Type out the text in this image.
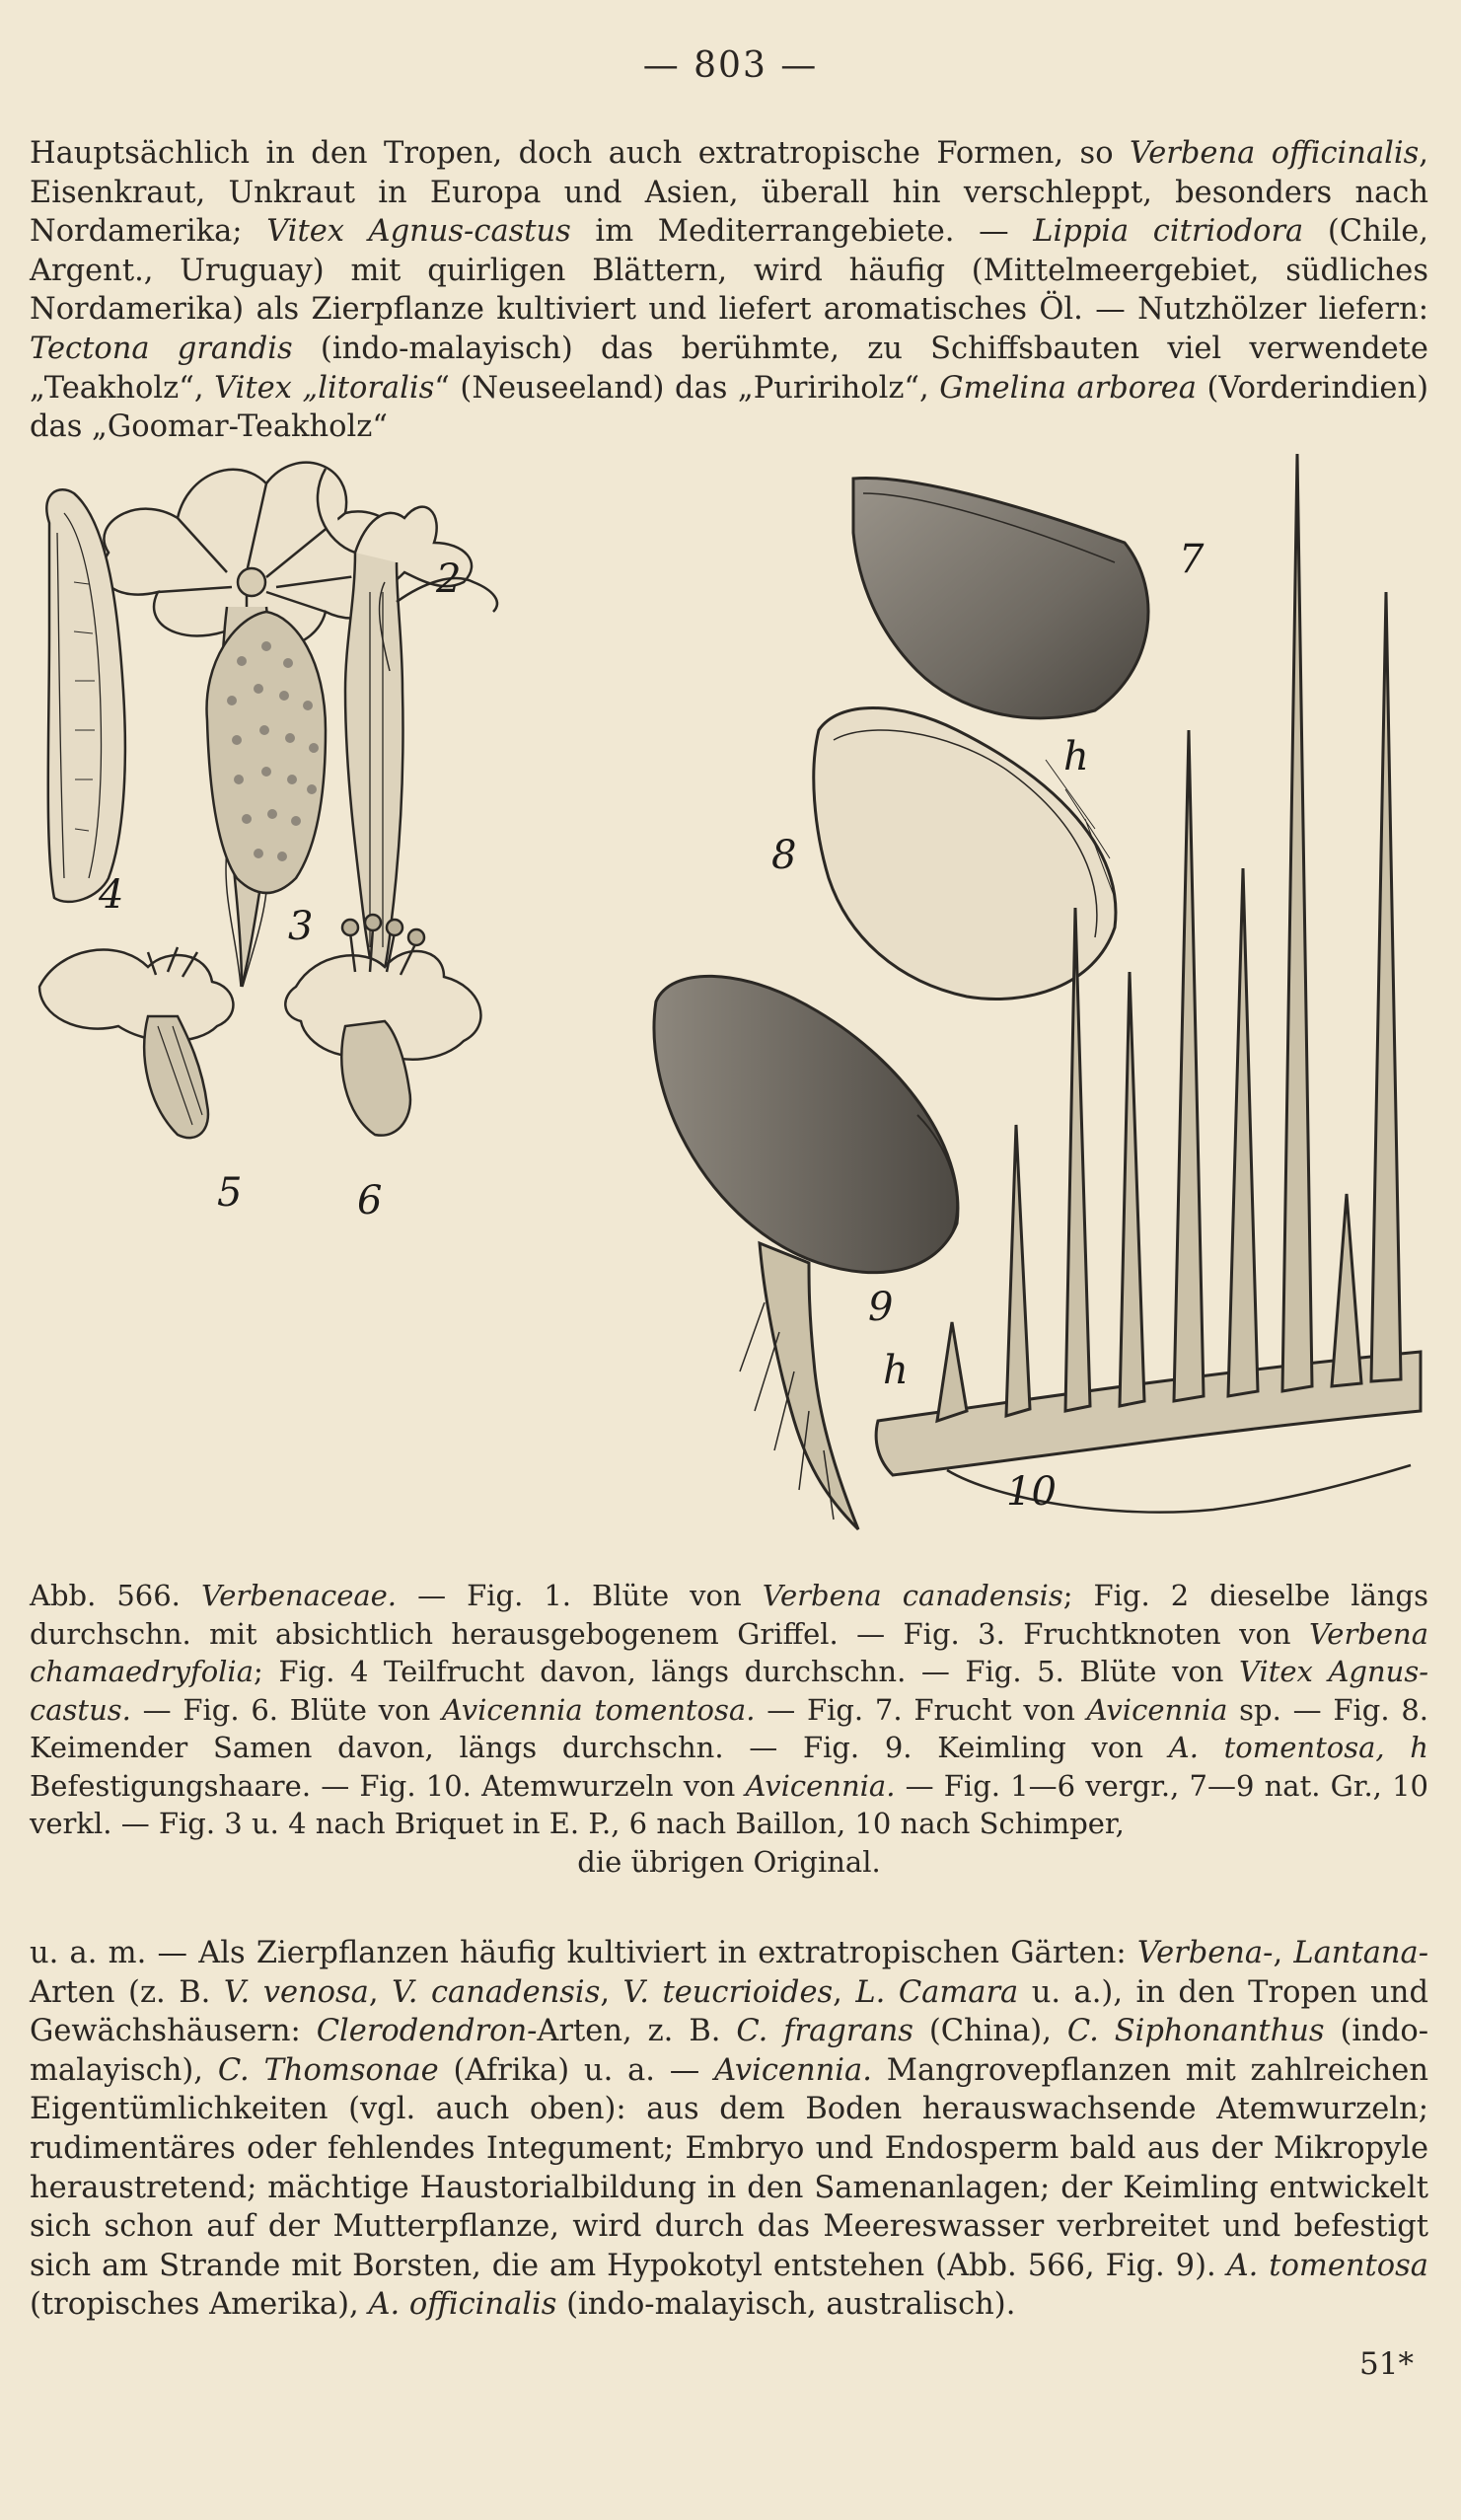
— 803 —
Hauptsächlich in den Tropen, doch auch extratropische Formen, so Verbena officinalis, Eisenkraut, Unkraut in Europa und Asien, überall hin verschleppt, besonders nach Nordamerika; Vitex Agnus-castus im Mediterrangebiete. — Lippia citriodora (Chile, Argent., Uruguay) mit quirligen Blättern, wird häufig (Mittelmeergebiet, südliches Nordamerika) als Zierpflanze kultiviert und liefert aromatisches Öl. — Nutzhölzer liefern: Tectona grandis (indo-malayisch) das berühmte, zu Schiffsbauten viel verwendete „Teakholz“, Vitex „litoralis“ (Neuseeland) das „Puririholz“, Gmelina arborea (Vorderindien) das „Goomar-Teakholz“
2
3
4
5	6
7
8
h
9
h
10
Abb. 566. Verbenaceae. — Fig. 1. Blüte von Verbena canadensis; Fig. 2 dieselbe längs durchschn. mit absichtlich herausgebogenem Griffel. — Fig. 3. Fruchtknoten von Verbena chamaedryfolia; Fig. 4 Teilfrucht davon, längs durchschn. — Fig. 5. Blüte von Vitex Agnus-castus. — Fig. 6. Blüte von Avicennia tomentosa. — Fig. 7. Frucht von Avicennia sp. — Fig. 8. Keimender Samen davon, längs durchschn. — Fig. 9. Keimling von A. tomentosa, h Befestigungshaare. — Fig. 10. Atemwurzeln von Avicennia. — Fig. 1—6 vergr., 7—9 nat. Gr., 10 verkl. — Fig. 3 u. 4 nach Briquet in E. P., 6 nach Baillon, 10 nach Schimper,
die übrigen Original.
u. a. m. — Als Zierpflanzen häufig kultiviert in extratropischen Gärten: Verbena-, Lantana-Arten (z. B. V. venosa, V. canadensis, V. teucrioides, L. Camara u. a.), in den Tropen und Gewächshäusern: Clerodendron-Arten, z. B. C. fragrans (China), C. Siphonanthus (indo-malayisch), C. Thomsonae (Afrika) u. a. — Avicennia. Mangrovepflanzen mit zahlreichen Eigentümlichkeiten (vgl. auch oben): aus dem Boden herauswachsende Atemwurzeln; rudimentäres oder fehlendes Integument; Embryo und Endosperm bald aus der Mikropyle heraustretend; mächtige Haustorialbildung in den Samenanlagen; der Keimling entwickelt sich schon auf der Mutterpflanze, wird durch das Meereswasser verbreitet und befestigt sich am Strande mit Borsten, die am Hypokotyl entstehen (Abb. 566, Fig. 9). A. tomentosa (tropisches Amerika), A. officinalis (indo-malayisch, australisch).
51*
